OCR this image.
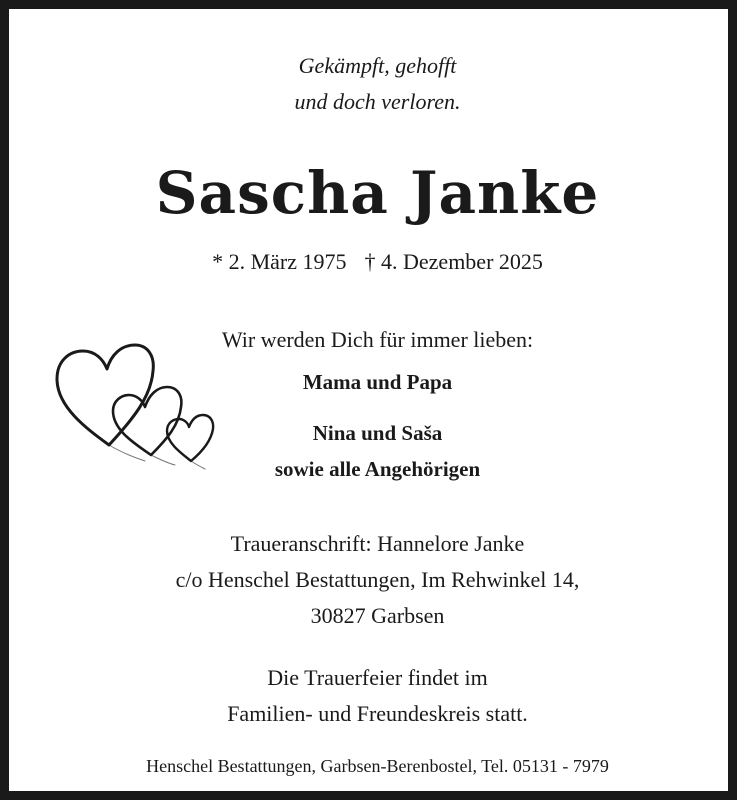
Gekämpft, gehofft
und doch verloren.
Sascha Janke
* 2. März 1975 † 4. Dezember 2025
Wir werden Dich für immer lieben:
Mama und Papa
Nina und Saša
sowie alle Angehörigen
Traueranschrift: Hannelore Janke
c/o Henschel Bestattungen, Im Rehwinkel 14,
30827 Garbsen
Die Trauerfeier findet im
Familien- und Freundeskreis statt.
Henschel Bestattungen, Garbsen-Berenbostel, Tel. 05131 - 7979
